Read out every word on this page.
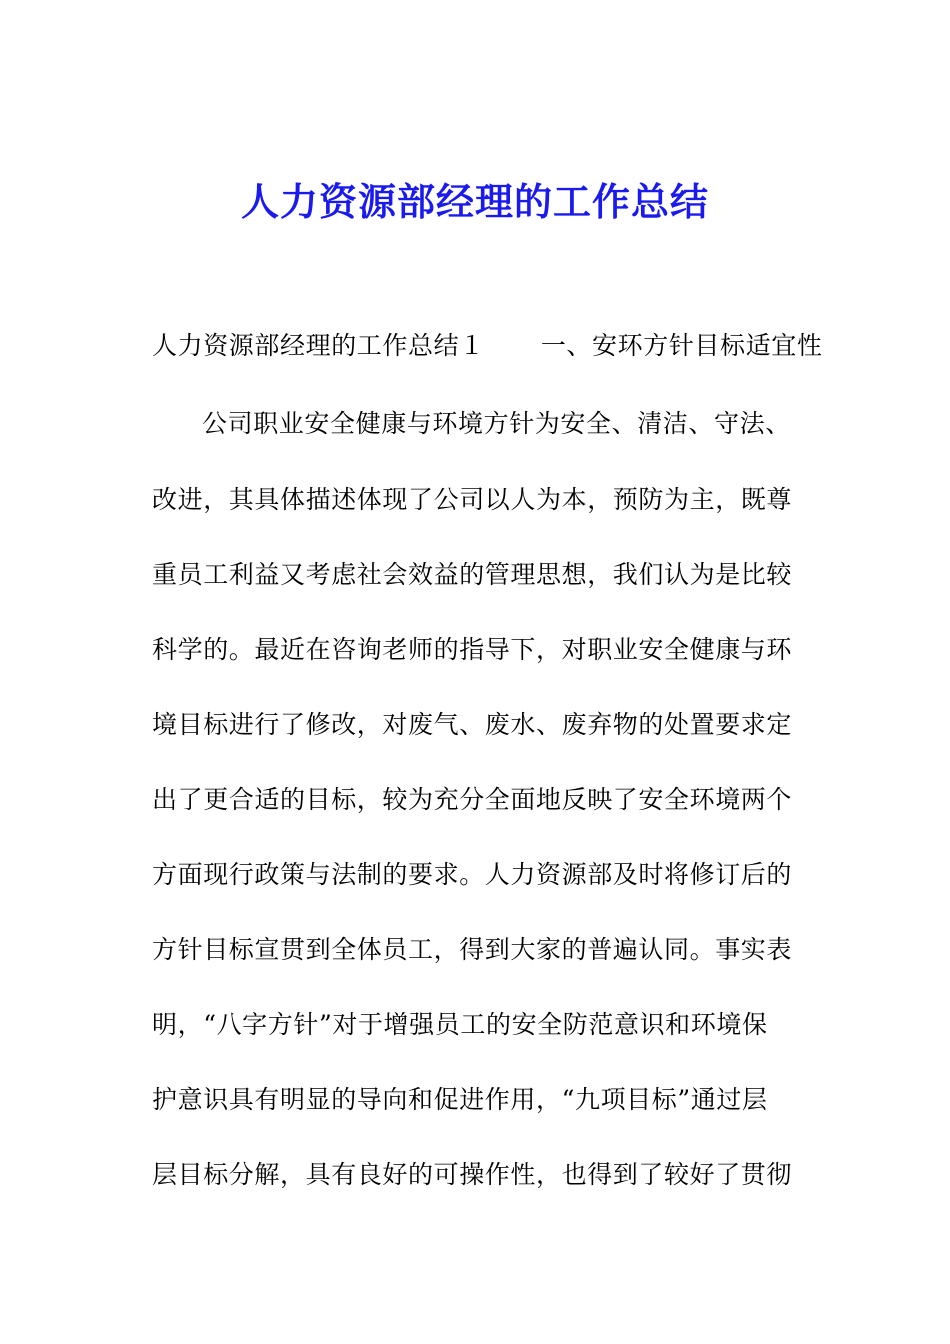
人力资源部经理的工作总结
人力资源部经理的工作总结１ 一、安环方针目标适宜性
公司职业安全健康与环境方针为安全、清洁、守法、
改进，其具体描述体现了公司以人为本，预防为主，既尊
重员工利益又考虑社会效益的管理思想，我们认为是比较
科学的。最近在咨询老师的指导下，对职业安全健康与环
境目标进行了修改，对废气、废水、废弃物的处置要求定
出了更合适的目标，较为充分全面地反映了安全环境两个
方面现行政策与法制的要求。人力资源部及时将修订后的
方针目标宣贯到全体员工，得到大家的普遍认同。事实表
明，“八字方针”对于增强员工的安全防范意识和环境保
护意识具有明显的导向和促进作用，“九项目标”通过层
层目标分解，具有良好的可操作性，也得到了较好了贯彻
